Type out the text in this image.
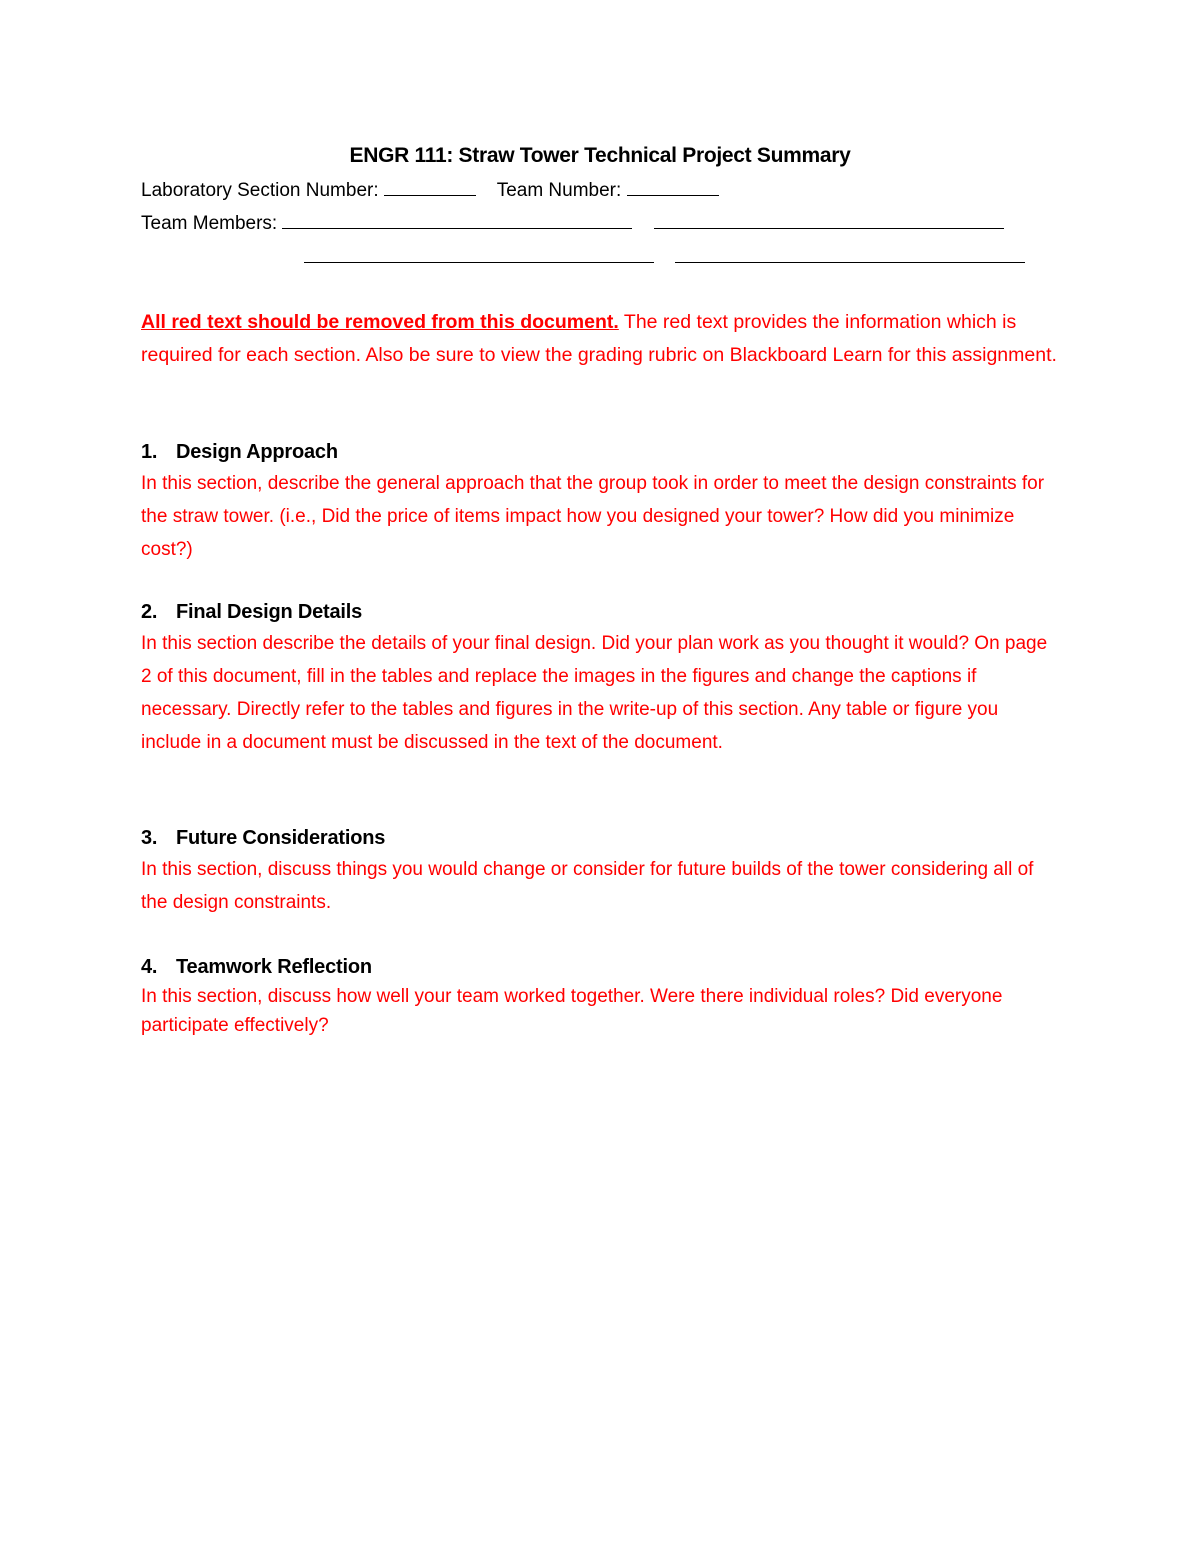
ENGR 111: Straw Tower Technical Project Summary
Laboratory Section Number:	Team Number:
Team Members:

All red text should be removed from this document. The red text provides the information which is required for each section. Also be sure to view the grading rubric on Blackboard Learn for this assignment.
1. Design Approach
In this section, describe the general approach that the group took in order to meet the design constraints for the straw tower. (i.e., Did the price of items impact how you designed your tower? How did you minimize cost?)
2. Final Design Details
In this section describe the details of your final design. Did your plan work as you thought it would? On page 2 of this document, fill in the tables and replace the images in the figures and change the captions if necessary. Directly refer to the tables and figures in the write-up of this section. Any table or figure you include in a document must be discussed in the text of the document.
3. Future Considerations
In this section, discuss things you would change or consider for future builds of the tower considering all of the design constraints.
4. Teamwork Reflection
In this section, discuss how well your team worked together. Were there individual roles? Did everyone participate effectively?
